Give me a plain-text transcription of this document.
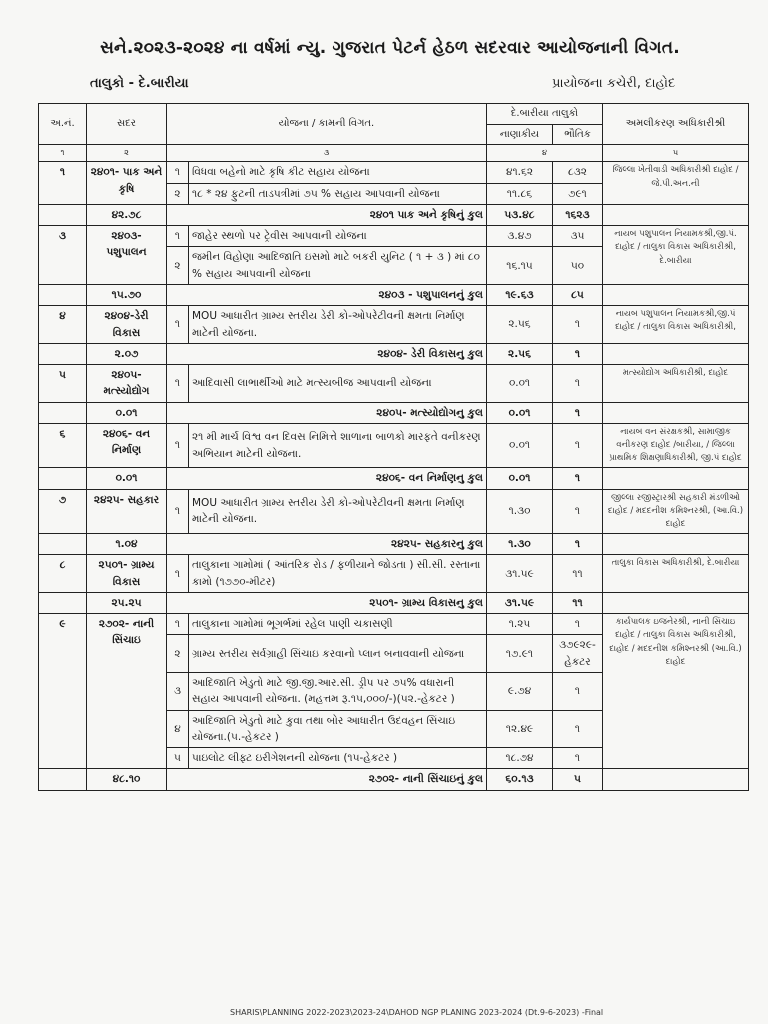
સને.૨૦૨૩-૨૦૨૪ ના વર્ષમાં ન્યુ. ગુજરાત પેટર્ન હેઠળ સદરવાર આયોજનાની વિગત.
તાલુકો - દે.બારીયા	પ્રાયોજના કચેરી, દાહોદ
અ.નં.	સદર	યોજના / કામની વિગત.		દે.બારીયા તાલુકો		અમલીકરણ અધિકારીશ્રી
				નાણાકીય	ભૌતિક	
૧	૨	૩		૪		૫
૧	૨૪૦૧- પાક અને કૃષિ	૧	વિધવા બહેનો માટે કૃષિ કીટ સહાય યોજના	૪૧.૬૨	૮૩૨	જિલ્લા ખેતીવાડી અધિકારીશ્રી દાહોદ / જે.પી.અન.ની
		૨	૧૮ * ૨૪ ફુટની તાડપત્રીમાં ૭૫ % સહાય આપવાની યોજના	૧૧.૮૬	૭૯૧	
	૪૨.૭૮	૨૪૦૧ પાક અને કૃષિનું કુલ		૫૩.૪૮	૧૬૨૩	
૩	૨૪૦૩- પશુપાલન	૧	જાહેર સ્થળો પર ટ્રેવીસ આપવાની યોજના	૩.૪૭	૩૫	નાયબ પશુપાલન નિયામકશ્રી,જી.પં. દાહોદ / તાલુકા વિકાસ અધિકારીશ્રી, દે.બારીયા
		૨	જમીન વિહોણા આદિજાતિ ઇસમો માટે બકરી યુનિટ ( ૧ + ૩ ) માં ૮૦ % સહાય આપવાની યોજના	૧૬.૧૫	૫૦	
	૧૫.૭૦	૨૪૦૩ - પશુપાલનનું કુલ		૧૯.૬૩	૮૫	
૪	૨૪૦૪-ડેરી વિકાસ	૧	MOU આધારીત ગ્રામ્ય સ્તરીય ડેરી કો-ઓપરેટીવની ક્ષમતા નિર્માણ માટેની યોજના.	૨.૫૬	૧	નાયબ પશુપાલન નિયામકશ્રી,જી.પં દાહોદ / તાલુકા વિકાસ અધિકારીશ્રી,
	૨.૦૭	૨૪૦૪- ડેરી વિકાસનુ કુલ		૨.૫૬	૧	
૫	૨૪૦૫- મત્સ્યોદ્યોગ	૧	આદિવાસી લાભાર્થીઓ માટે મત્સ્યબીજ આપવાની યોજના	૦.૦૧	૧	મત્સ્યોદ્યોગ અધિકારીશ્રી, દાહોદ
	૦.૦૧	૨૪૦૫- મત્સ્યોદ્યોગનુ કુલ		૦.૦૧	૧	
૬	૨૪૦૬- વન નિર્માણ	૧	૨૧ મી માર્ચ વિશ્વ વન દિવસ નિમિત્તે શાળાના બાળકો મારફતે વનીકરણ અભિયાન માટેની યોજના.	૦.૦૧	૧	નાયબ વન સંરક્ષકશ્રી, સામાજીક વનીકરણ દાહોદ /બારીયા, / જિલ્લા પ્રાથમિક શિક્ષણાધિકારીશ્રી, જી.પં દાહોદ
	૦.૦૧	૨૪૦૬- વન નિર્માણનુ કુલ		૦.૦૧	૧	
૭	૨૪૨૫- સહકાર	૧	MOU આધારીત ગ્રામ્ય સ્તરીય ડેરી કો-ઓપરેટીવની ક્ષમતા નિર્માણ માટેની યોજના.	૧.૩૦	૧	જીલ્લા રજીસ્ટ્રારશ્રી સહકારી મંડળીઓ દાહોદ / મદદનીશ કમિશ્નરશ્રી, (આ.વિ.) દાહોદ
	૧.૦૪	૨૪૨૫- સહકારનુ કુલ		૧.૩૦	૧	
૮	૨૫૦૧- ગ્રામ્ય વિકાસ	૧	તાલુકાના ગામોમાં ( આંતરિક રોડ / ફળીયાને જોડતા ) સી.સી. રસ્તાના કામો (૧૭૭૦-મીટર)	૩૧.૫૯	૧૧	તાલુકા વિકાસ અધિકારીશ્રી, દે.બારીયા
	૨૫.૨૫	૨૫૦૧- ગ્રામ્ય વિકાસનુ કુલ		૩૧.૫૯	૧૧	
૯	૨૭૦૨- નાની સિંચાઇ	૧	તાલુકાના ગામોમાં ભૂગર્ભમાં રહેલ પાણી ચકાસણી	૧.૨૫	૧	કાર્યપાલક ઇજનેરશ્રી, નાની સિંચાઇ દાહોદ / તાલુકા વિકાસ અધિકારીશ્રી, દાહોદ / મદદનીશ કમિશ્નરશ્રી (આ.વિ.) દાહોદ
		૨	ગ્રામ્ય સ્તરીય સર્વગ્રાહી સિંચાઇ કરવાનો પ્લાન બનાવવાની યોજના	૧૭.૯૧	૩૭૯૨૯- હેકટર	
		૩	આદિજાતિ ખેડુતો માટે જી.જી.આર.સી. ડ્રીપ પર ૭૫% વધારાની સહાય આપવાની યોજના. (મહત્તમ રૂ.૧૫,૦૦૦/-)(૫૨.-હેકટર )	૯.૭૪	૧	
		૪	આદિજાતિ ખેડુતો માટે કુવા તથા બોર આધારીત ઉદવહન સિંચાઇ યોજના.(૫.-હેકટર )	૧૨.૪૯	૧	
		૫	પાઇલોટ લીફ્ટ ઇરીગેશનની યોજના (૧૫-હેકટર )	૧૮.૭૪	૧	
	૪૮.૧૦	૨૭૦૨- નાની સિંચાઇનું કુલ		૬૦.૧૩	૫	
SHARIS\PLANNING 2022-2023\2023-24\DAHOD NGP PLANING 2023-2024 (Dt.9-6-2023) -Final
